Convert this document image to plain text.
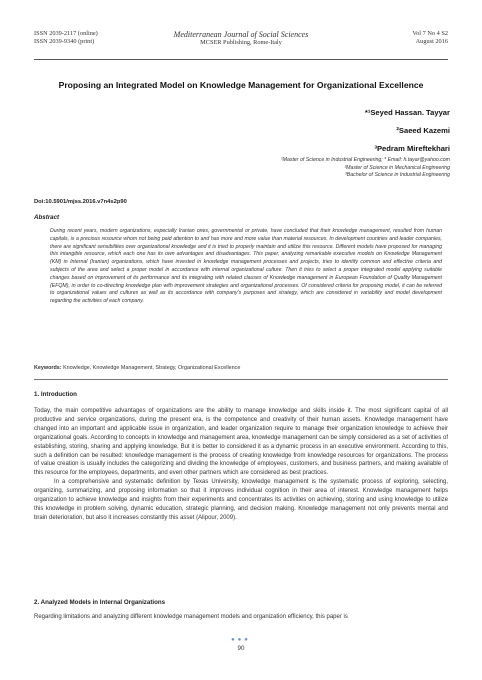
ISSN 2039-2117 (online)
ISSN 2039-9340 (print)
Mediterranean Journal of Social Sciences
MCSER Publishing, Rome-Italy
Vol 7 No 4 S2
August 2016
Proposing an Integrated Model on Knowledge Management for Organizational Excellence
*¹Seyed Hassan. Tayyar
²Saeed Kazemi
³Pedram Mireftekhari
¹Master of Science in Industrial Engineering; * Email: h.tayar@yahoo.com
²Master of Science in Mechanical Engineering
³Bachelor of Science in Industrial Engineering
Doi:10.5901/mjss.2016.v7n4s2p90
Abstract
During recent years, modern organizations, especially Iranian ones, governmental or private, have concluded that their knowledge management, resulted from human capitals, is a precious resource whom not being paid attention to and has more and more value than material resources. In development countries and leader companies, there are significant sensibilities over organizational knowledge and it is tried to properly maintain and utilize this resource. Different models have proposed for managing this intangible resource, which each one has its own advantages and disadvantages. This paper, analyzing remarkable executive models on Knowledge Management (KM) in Internal (Iranian) organizations, which have invested in knowledge management processes and projects, tries to identify common and effective criteria and subjects of the area and select a proper model in accordance with internal organizational culture. Then it tries to select a proper integrated model applying suitable changes based on improvement of its performance and its integrating with related clauses of Knowledge management in European Foundation of Quality Management (EFQM), in order to co-directing knowledge plan with improvement strategies and organizational processes. Of considered criteria for proposing model, it can be referred to organizational values and cultures as well as its accordance with company's purposes and strategy, which are considered in variability and model development regarding the activities of each company.
Keywords: Knowledge, Knowledge Management, Strategy, Organizational Excellence
1. Introduction

Today, the main competitive advantages of organizations are the ability to manage knowledge and skills inside it. The most significant capital of all productive and service organizations, during the present era, is the competence and creativity of their human assets. Knowledge management have changed into an important and applicable issue in organization, and leader organization require to manage their organization knowledge to achieve their organizational goals. According to concepts in knowledge and management area, knowledge management can be simply considered as a set of activities of establishing, storing, sharing and applying knowledge. But it is better to considered it as a dynamic process in an executive environment. According to this, such a definition can be resulted: knowledge management is the process of creating knowledge from knowledge resources for organizations. The process of value creation is usually includes the categorizing and dividing the knowledge of employees, customers, and business partners, and making available of this resource for the employees, departments, and even other partners which are considered as best practices.

In a comprehensive and systematic definition by Texas University, knowledge management is the systematic process of exploring, selecting, organizing, summarizing, and proposing information so that it improves individual cognition in their area of interest. Knowledge management helps organization to achieve knowledge and insights from their experiments and concentrates its activities on achieving, storing and using knowledge to utilize this knowledge in problem solving, dynamic education, strategic planning, and decision making. Knowledge management not only prevents mental and brain deterioration, but also it increases constantly this asset (Alipour, 2009).

2. Analyzed Models in Internal Organizations

Regarding limitations and analyzing different knowledge management models and organization efficiency, this paper is

●●●
90
